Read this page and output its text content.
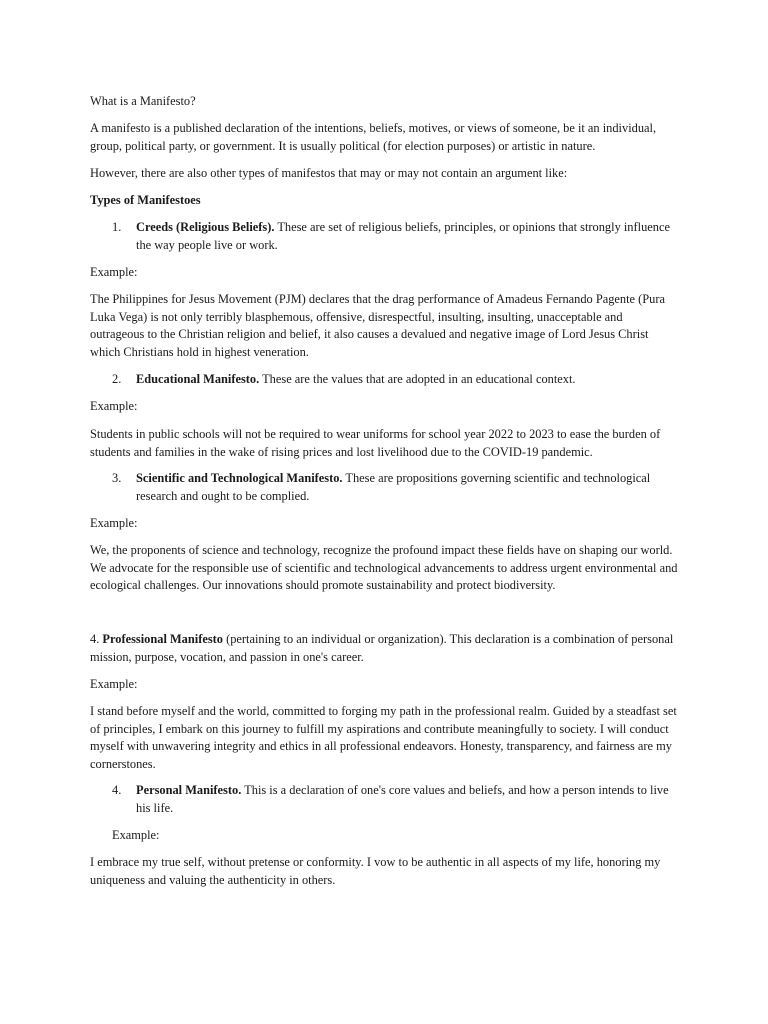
What is a Manifesto?

A manifesto is a published declaration of the intentions, beliefs, motives, or views of someone, be it an individual, group, political party, or government. It is usually political (for election purposes) or artistic in nature.

However, there are also other types of manifestos that may or may not contain an argument like:

Types of Manifestoes

1. Creeds (Religious Beliefs). These are set of religious beliefs, principles, or opinions that strongly influence the way people live or work.

Example:

The Philippines for Jesus Movement (PJM) declares that the drag performance of Amadeus Fernando Pagente (Pura Luka Vega) is not only terribly blasphemous, offensive, disrespectful, insulting, insulting, unacceptable and outrageous to the Christian religion and belief, it also causes a devalued and negative image of Lord Jesus Christ which Christians hold in highest veneration.

2. Educational Manifesto. These are the values that are adopted in an educational context.

Example:

Students in public schools will not be required to wear uniforms for school year 2022 to 2023 to ease the burden of students and families in the wake of rising prices and lost livelihood due to the COVID-19 pandemic.

3. Scientific and Technological Manifesto. These are propositions governing scientific and technological research and ought to be complied.

Example:

We, the proponents of science and technology, recognize the profound impact these fields have on shaping our world. We advocate for the responsible use of scientific and technological advancements to address urgent environmental and ecological challenges. Our innovations should promote sustainability and protect biodiversity.

4. Professional Manifesto (pertaining to an individual or organization). This declaration is a combination of personal mission, purpose, vocation, and passion in one's career.

Example:

I stand before myself and the world, committed to forging my path in the professional realm. Guided by a steadfast set of principles, I embark on this journey to fulfill my aspirations and contribute meaningfully to society. I will conduct myself with unwavering integrity and ethics in all professional endeavors. Honesty, transparency, and fairness are my cornerstones.

4. Personal Manifesto. This is a declaration of one's core values and beliefs, and how a person intends to live his life.

Example:

I embrace my true self, without pretense or conformity. I vow to be authentic in all aspects of my life, honoring my uniqueness and valuing the authenticity in others.
